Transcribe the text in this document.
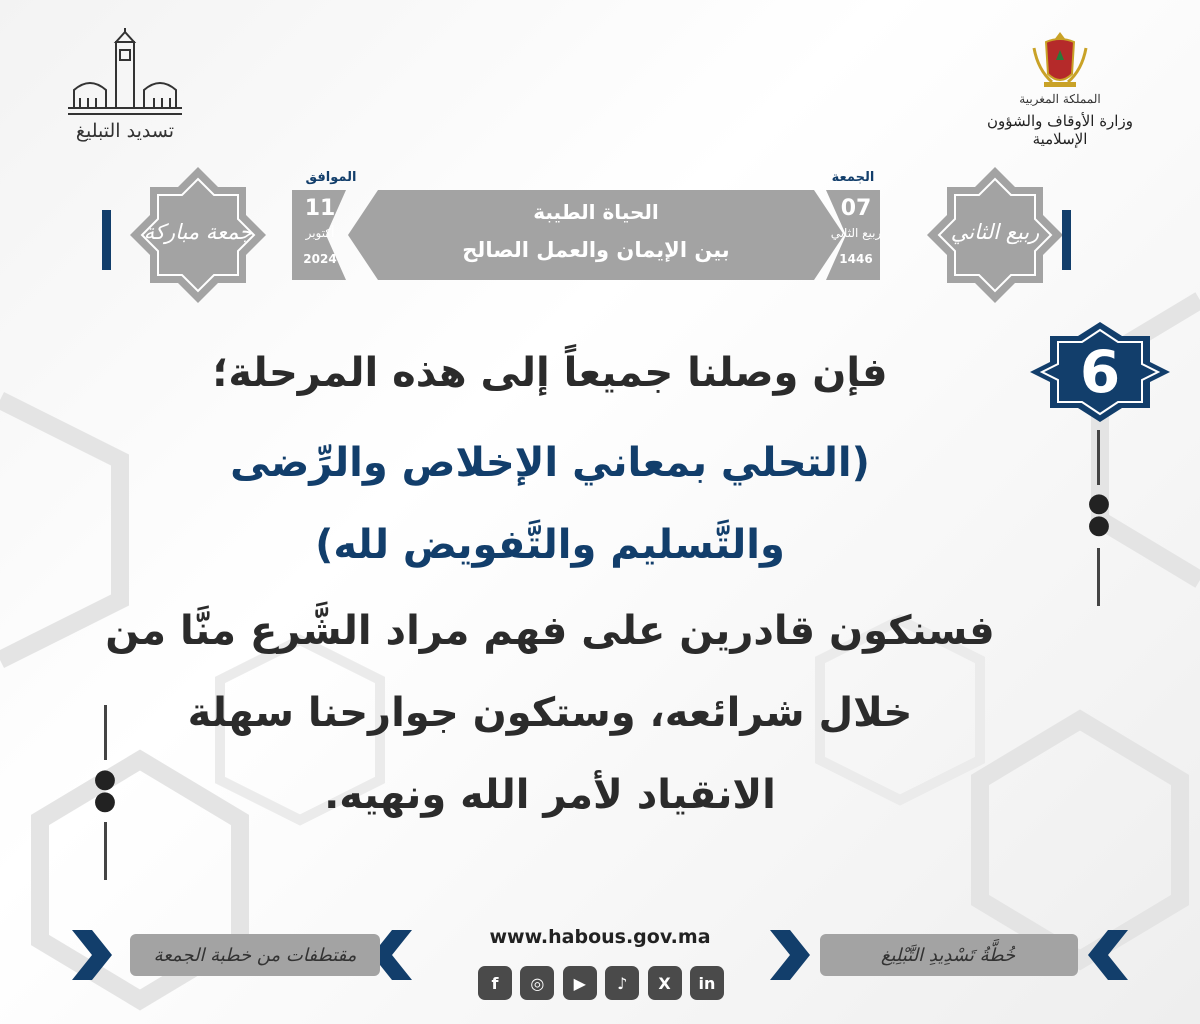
تسديد التبليغ
المملكة المغربية
وزارة الأوقاف والشؤون الإسلامية
الحياة الطيبة
بين الإيمان والعمل الصالح
الجمعة
07
ربيع الثاني
1446
الموافق
11
أكتوبر
2024
ربيع الثاني
جمعة مباركة
6
●
●
●
●
فإن وصلنا جميعاً إلى هذه المرحلة؛
(التحلي بمعاني الإخلاص والرِّضى
والتَّسليم والتَّفويض لله)
فسنكون قادرين على فهم مراد الشَّرع منَّا من
خلال شرائعه، وستكون جوارحنا سهلة
الانقياد لأمر الله ونهيه.
مقتطفات من خطبة الجمعة	خُطَّةُ تَسْدِيدِ التَّبْلِيغ
www.habous.gov.ma
f	◎	▶	♪	X	in
